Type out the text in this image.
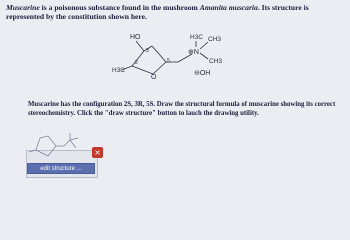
Muscarine is a poisonous substance found in the mushroom Amanita muscaria. Its structure is represented by the constitution shown here.
HO
3
H3C
2
O
5
H3C CH3
⊕N
CH3
⊖OH
Muscarine has the configuration 2S, 3R, 5S. Draw the structural formula of muscarine showing its correct stereochemistry. Click the "draw structure" button to lauch the drawing utility.
×
edit structure ...
